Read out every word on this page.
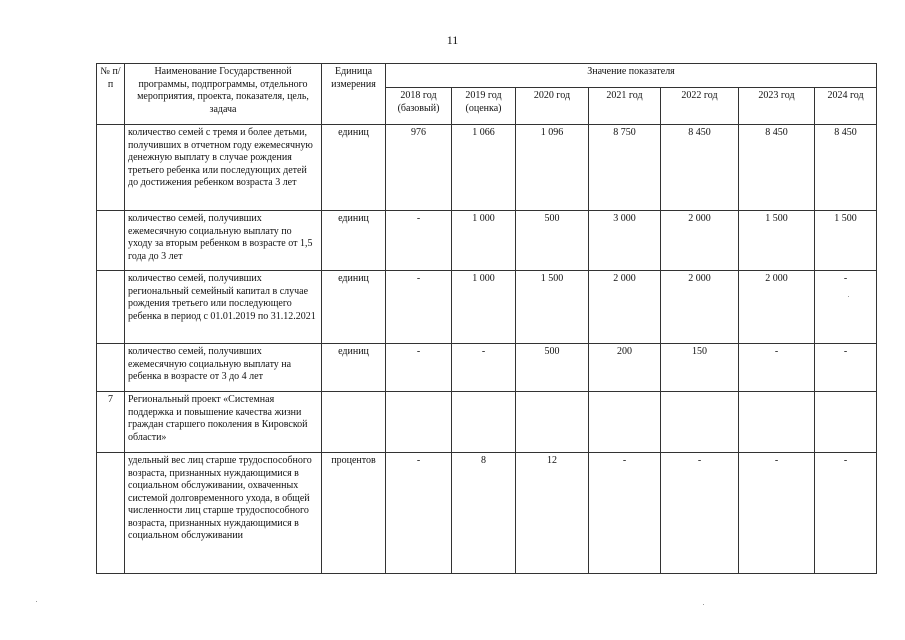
11
№ п/п	Наименование Государственной программы, подпрограммы, отдельного мероприятия, проекта, показателя, цель, задача	Единица измерения	Значение показателя						
			2018 год (базовый)	2019 год (оценка)	2020 год	2021 год	2022 год	2023 год	2024 год
	количество семей с тремя и более детьми, получивших в отчетном году ежемесячную денежную выплату в случае рождения третьего ребенка или последующих детей до достижения ребенком возраста 3 лет	единиц	976	1 066	1 096	8 750	8 450	8 450	8 450
	количество семей, получивших ежемесячную социальную выплату по уходу за вторым ребенком в возрасте от 1,5 года до 3 лет	единиц	-	1 000	500	3 000	2 000	1 500	1 500
	количество семей, получивших региональный семейный капитал в случае рождения третьего или последующего ребенка в период с 01.01.2019 по 31.12.2021	единиц	-	1 000	1 500	2 000	2 000	2 000	-
	количество семей, получивших ежемесячную социальную выплату на ребенка в возрасте от 3 до 4 лет	единиц	-	-	500	200	150	-	-
7	Региональный проект «Системная поддержка и повышение качества жизни граждан старшего поколения в Кировской области»								
	удельный вес лиц старше трудоспособного возраста, признанных нуждающимися в социальном обслуживании, охваченных системой долговременного ухода, в общей численности лиц старше трудоспособного возраста, признанных нуждающимися в социальном обслуживании	процентов	-	8	12	-	-	-	-
